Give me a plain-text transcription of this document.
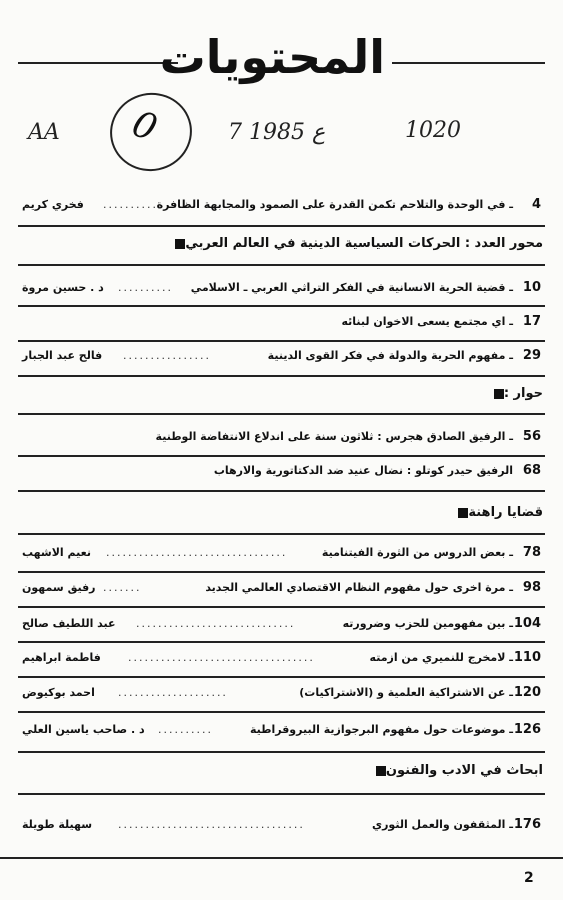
المحتويات
AA 0	7 ع 1985	1020
4
ـ في الوحدة والتلاحم تكمن القدرة على الصمود والمجابهة الظافرة
...........
فخري كريم
محور العدد : الحركات السياسية الدينية في العالم العربي
10
ـ قضية الحرية الانسانية في الفكر التراثي العربي ـ الاسلامي
..........
د . حسين مروة
17
ـ اي مجتمع يسعى الاخوان لبنائه
29
ـ مفهوم الحرية والدولة في فكر القوى الدينية
................
فالح عبد الجبار
حوار :
56
ـ الرفيق الصادق هجرس : ثلاثون سنة على اندلاع الانتفاضة الوطنية
68
الرفيق حيدر كوتلو : نضال عنيد ضد الدكتاتورية والارهاب
قضايا راهنة
78
ـ بعض الدروس من الثورة الفيتنامية
.................................
نعيم الاشهب
98
ـ مرة اخرى حول مفهوم النظام الاقتصادي العالمي الجديد
.......
رفيق سمهون
104
ـ بين مفهومين للحزب وضرورته
.............................
عبد اللطيف صالح
110
ـ لامخرج للنميري من ازمته
..................................
فاطمة ابراهيم
120
ـ عن الاشتراكية العلمية و (الاشتراكيات)
....................
احمد بوكيوض
126
ـ موضوعات حول مفهوم البرجوازية البيروقراطية
..........
د . صاحب ياسين العلي
ابحاث في الادب والفنون
176
ـ المثقفون والعمل الثوري
..................................
سهيلة طويلة
2
